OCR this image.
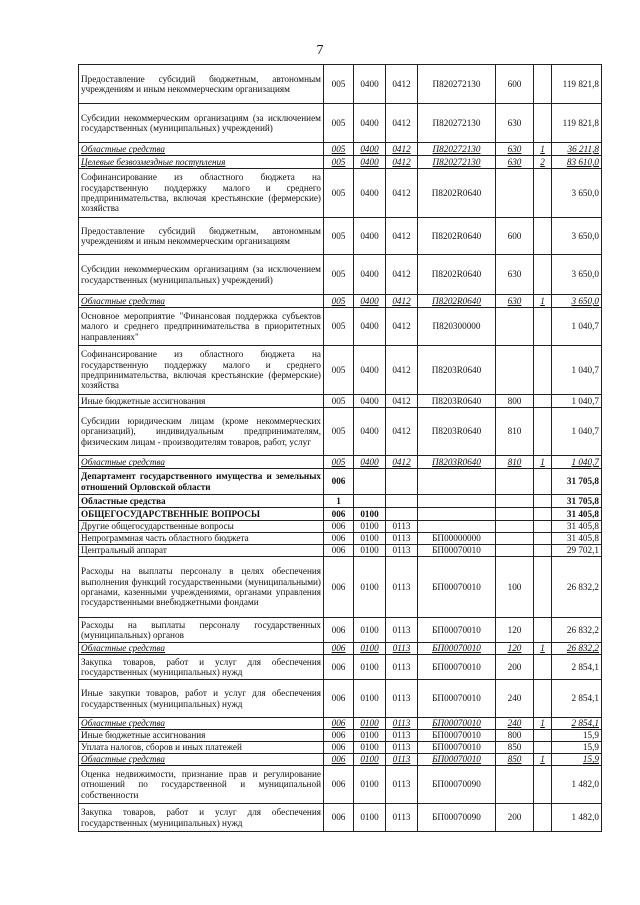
7
Предоставление субсидий бюджетным, автономным учреждениям и иным некоммерческим организациям	005	0400	0412	П820272130	600		119 821,8
Субсидии некоммерческим организациям (за исключением государственных (муниципальных) учреждений)	005	0400	0412	П820272130	630		119 821,8
Областные средства	005	0400	0412	П820272130	630	1	36 211,8
Целевые безвозмездные поступления	005	0400	0412	П820272130	630	2	83 610,0
Софинансирование из областного бюджета на государственную поддержку малого и среднего предпринимательства, включая крестьянские (фермерские) хозяйства	005	0400	0412	П8202R0640			3 650,0
Предоставление субсидий бюджетным, автономным учреждениям и иным некоммерческим организациям	005	0400	0412	П8202R0640	600		3 650,0
Субсидии некоммерческим организациям (за исключением государственных (муниципальных) учреждений)	005	0400	0412	П8202R0640	630		3 650,0
Областные средства	005	0400	0412	П8202R0640	630	1	3 650,0
Основное мероприятие "Финансовая поддержка субъектов малого и среднего предпринимательства в приоритетных направлениях"	005	0400	0412	П820300000			1 040,7
Софинансирование из областного бюджета на государственную поддержку малого и среднего предпринимательства, включая крестьянские (фермерские) хозяйства	005	0400	0412	П8203R0640			1 040,7
Иные бюджетные ассигнования	005	0400	0412	П8203R0640	800		1 040,7
Субсидии юридическим лицам (кроме некоммерческих организаций), индивидуальным предпринимателям, физическим лицам - производителям товаров, работ, услуг	005	0400	0412	П8203R0640	810		1 040,7
Областные средства	005	0400	0412	П8203R0640	810	1	1 040,7
Департамент государственного имущества и земельных отношений Орловской области	006						31 705,8
Областные средства	1						31 705,8
ОБЩЕГОСУДАРСТВЕННЫЕ ВОПРОСЫ	006	0100					31 405,8
Другие общегосударственные вопросы	006	0100	0113				31 405,8
Непрограммная часть областного бюджета	006	0100	0113	БП00000000			31 405,8
Центральный аппарат	006	0100	0113	БП00070010			29 702,1
Расходы на выплаты персоналу в целях обеспечения выполнения функций государственными (муниципальными) органами, казенными учреждениями, органами управления государственными внебюджетными фондами	006	0100	0113	БП00070010	100		26 832,2
Расходы на выплаты персоналу государственных (муниципальных) органов	006	0100	0113	БП00070010	120		26 832,2
Областные средства	006	0100	0113	БП00070010	120	1	26 832,2
Закупка товаров, работ и услуг для обеспечения государственных (муниципальных) нужд	006	0100	0113	БП00070010	200		2 854,1
Иные закупки товаров, работ и услуг для обеспечения государственных (муниципальных) нужд	006	0100	0113	БП00070010	240		2 854,1
Областные средства	006	0100	0113	БП00070010	240	1	2 854,1
Иные бюджетные ассигнования	006	0100	0113	БП00070010	800		15,9
Уплата налогов, сборов и иных платежей	006	0100	0113	БП00070010	850		15,9
Областные средства	006	0100	0113	БП00070010	850	1	15,9
Оценка недвижимости, признание прав и регулирование отношений по государственной и муниципальной собственности	006	0100	0113	БП00070090			1 482,0
Закупка товаров, работ и услуг для обеспечения государственных (муниципальных) нужд	006	0100	0113	БП00070090	200		1 482,0
